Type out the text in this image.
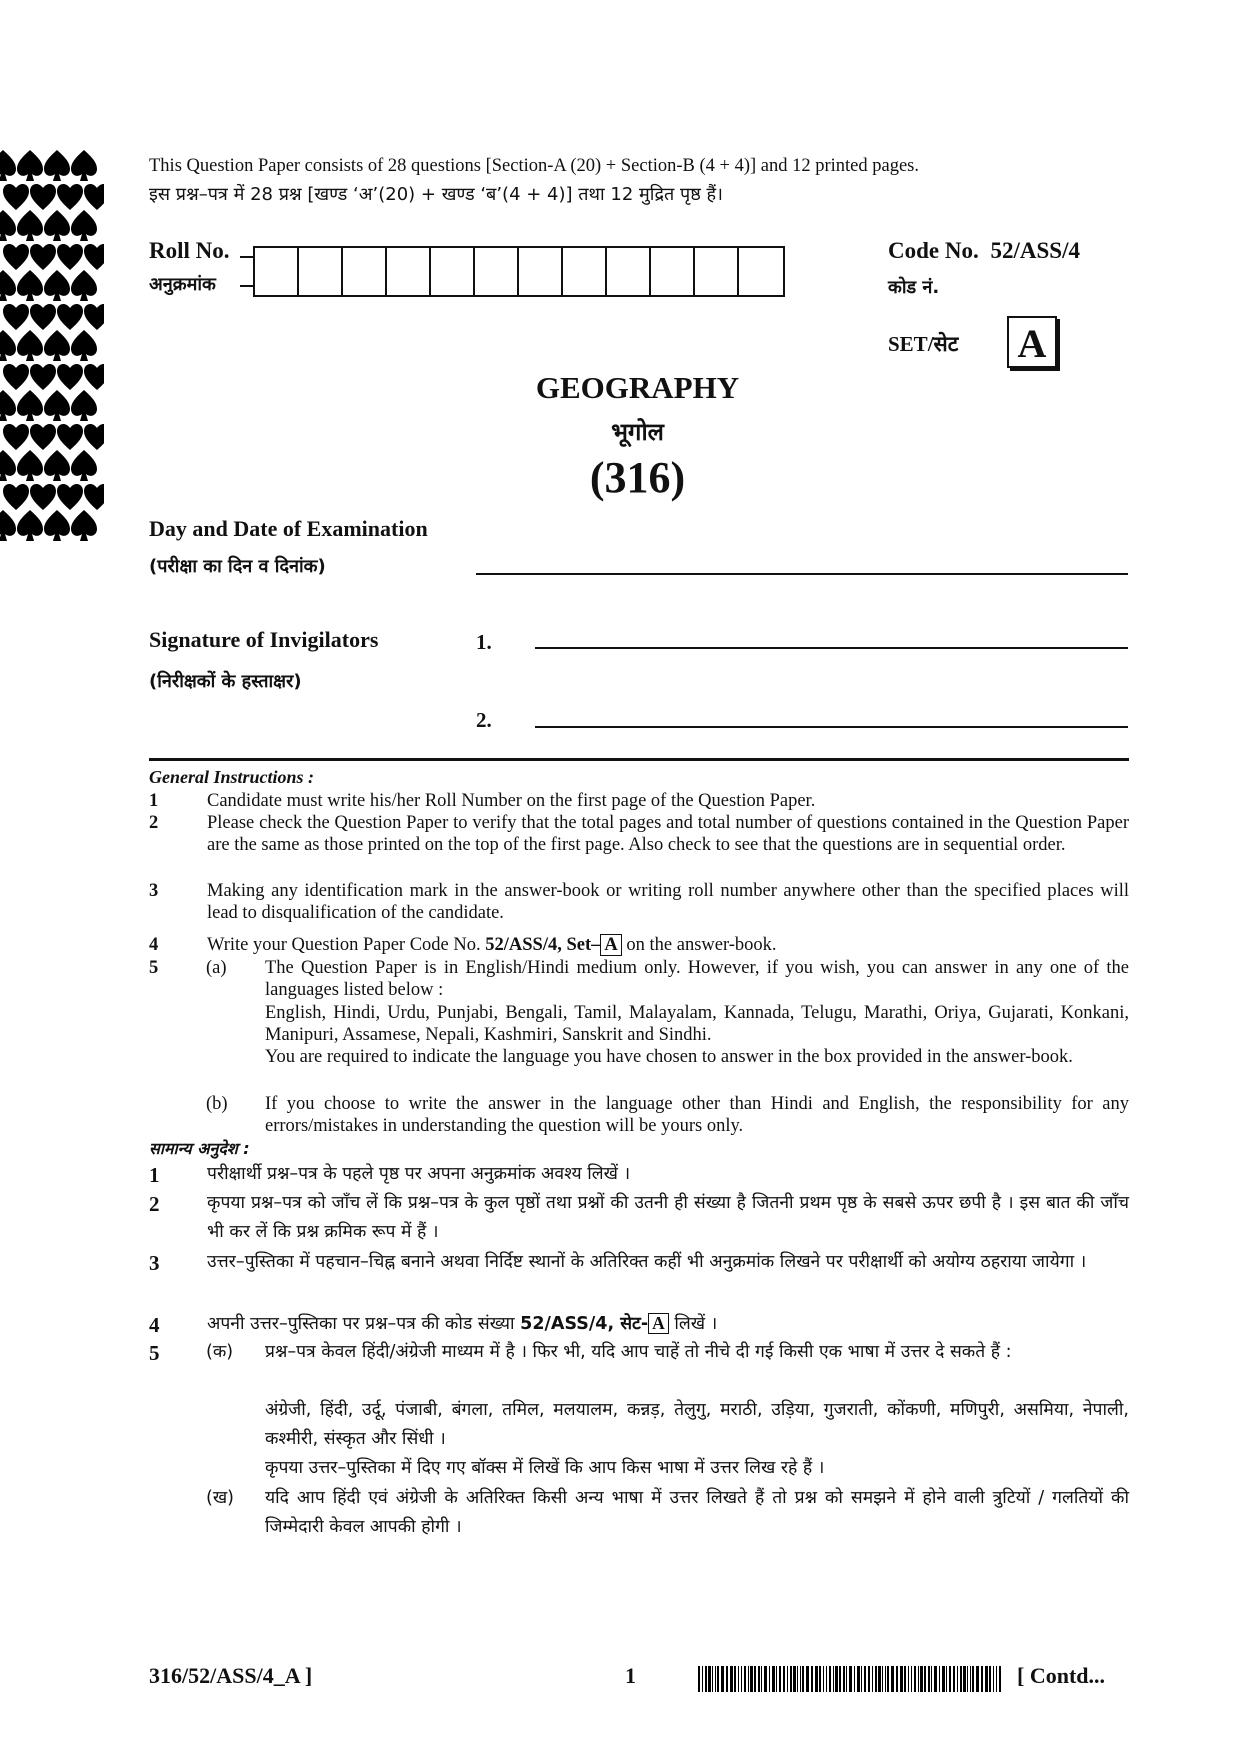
This Question Paper consists of 28 questions [Section-A (20) + Section-B (4 + 4)] and 12 printed pages.
इस प्रश्न–पत्र में 28 प्रश्न [खण्ड ‘अ’(20) + खण्ड ‘ब’(4 + 4)] तथा 12 मुद्रित पृष्ठ हैं।
Roll No.
अनुक्रमांक
Code No. 52/ASS/4
कोड नं.
SET/सेट A
GEOGRAPHY
भूगोल
(316)
Day and Date of Examination
(परीक्षा का दिन व दिनांक)
Signature of Invigilators
(निरीक्षकों के हस्ताक्षर)
1.
2.
General Instructions :
1	Candidate must write his/her Roll Number on the first page of the Question Paper.
2	Please check the Question Paper to verify that the total pages and total number of questions contained in the Question Paper are the same as those printed on the top of the first page. Also check to see that the questions are in sequential order.
3	Making any identification mark in the answer-book or writing roll number anywhere other than the specified places will lead to disqualification of the candidate.
4	Write your Question Paper Code No. 52/ASS/4, Set– A on the answer-book.
5	(a) The Question Paper is in English/Hindi medium only. However, if you wish, you can answer in any one of the languages listed below :
English, Hindi, Urdu, Punjabi, Bengali, Tamil, Malayalam, Kannada, Telugu, Marathi, Oriya, Gujarati, Konkani, Manipuri, Assamese, Nepali, Kashmiri, Sanskrit and Sindhi.
You are required to indicate the language you have chosen to answer in the box provided in the answer-book.
(b) If you choose to write the answer in the language other than Hindi and English, the responsibility for any errors/mistakes in understanding the question will be yours only.
सामान्य अनुदेश :
1	परीक्षार्थी प्रश्न–पत्र के पहले पृष्ठ पर अपना अनुक्रमांक अवश्य लिखें ।
2	कृपया प्रश्न–पत्र को जाँच लें कि प्रश्न–पत्र के कुल पृष्ठों तथा प्रश्नों की उतनी ही संख्या है जितनी प्रथम पृष्ठ के सबसे ऊपर छपी है । इस बात की जाँच भी कर लें कि प्रश्न क्रमिक रूप में हैं ।
3	उत्तर–पुस्तिका में पहचान–चिह्न बनाने अथवा निर्दिष्ट स्थानों के अतिरिक्त कहीं भी अनुक्रमांक लिखने पर परीक्षार्थी को अयोग्य ठहराया जायेगा ।
4	अपनी उत्तर–पुस्तिका पर प्रश्न–पत्र की कोड संख्या 52/ASS/4, सेट- A लिखें ।
5	(क) प्रश्न–पत्र केवल हिंदी/अंग्रेजी माध्यम में है । फिर भी, यदि आप चाहें तो नीचे दी गई किसी एक भाषा में उत्तर दे सकते हैं :
अंग्रेजी, हिंदी, उर्दू, पंजाबी, बंगला, तमिल, मलयालम, कन्नड़, तेलुगु, मराठी, उड़िया, गुजराती, कोंकणी, मणिपुरी, असमिया, नेपाली, कश्मीरी, संस्कृत और सिंधी ।
कृपया उत्तर–पुस्तिका में दिए गए बॉक्स में लिखें कि आप किस भाषा में उत्तर लिख रहे हैं ।
(ख) यदि आप हिंदी एवं अंग्रेजी के अतिरिक्त किसी अन्य भाषा में उत्तर लिखते हैं तो प्रश्न को समझने में होने वाली त्रुटियों / गलतियों की जिम्मेदारी केवल आपकी होगी ।
316/52/ASS/4_A ]	1	[ Contd...
